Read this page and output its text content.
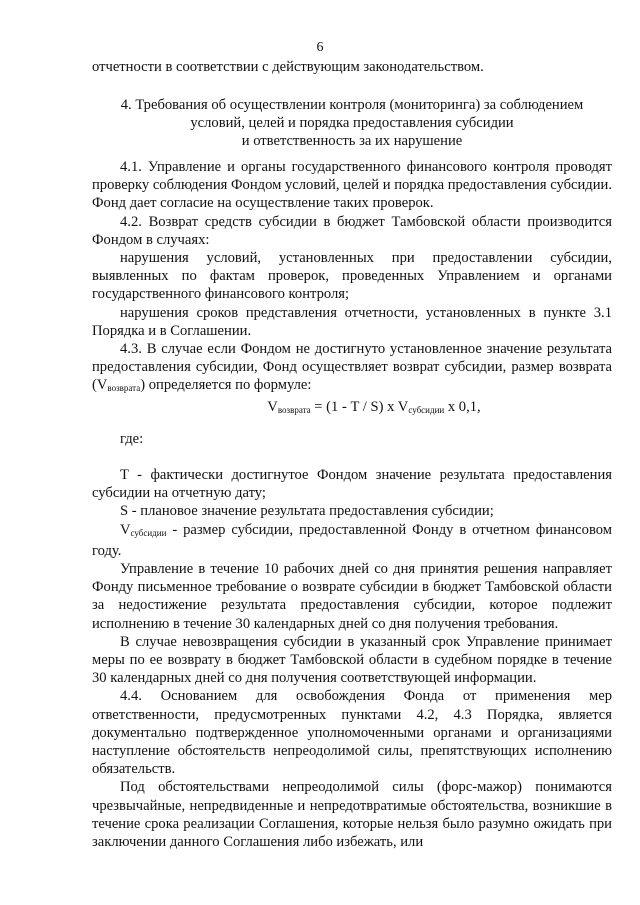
6

отчетности в соответствии с действующим законодательством.

4. Требования об осуществлении контроля (мониторинга) за соблюдением
условий, целей и порядка предоставления субсидии
и ответственность за их нарушение

4.1. Управление и органы государственного финансового контроля проводят проверку соблюдения Фондом условий, целей и порядка предоставления субсидии. Фонд дает согласие на осуществление таких проверок.

4.2. Возврат средств субсидии в бюджет Тамбовской области производится Фондом в случаях:

нарушения условий, установленных при предоставлении субсидии, выявленных по фактам проверок, проведенных Управлением и органами государственного финансового контроля;

нарушения сроков представления отчетности, установленных в пункте 3.1 Порядка и в Соглашении.

4.3. В случае если Фондом не достигнуто установленное значение результата предоставления субсидии, Фонд осуществляет возврат субсидии, размер возврата $(V_{возврата})$ определяется по формуле:

$V_{возврата} = (1 - T / S)$ x $V_{субсидии}$ x 0,1,

где:

T - фактически достигнутое Фондом значение результата предоставления субсидии на отчетную дату;

S - плановое значение результата предоставления субсидии;

$V_{субсидии}$ - размер субсидии, предоставленной Фонду в отчетном финансовом году.

Управление в течение 10 рабочих дней со дня принятия решения направляет Фонду письменное требование о возврате субсидии в бюджет Тамбовской области за недостижение результата предоставления субсидии, которое подлежит исполнению в течение 30 календарных дней со дня получения требования.

В случае невозвращения субсидии в указанный срок Управление принимает меры по ее возврату в бюджет Тамбовской области в судебном порядке в течение 30 календарных дней со дня получения соответствующей информации.

4.4. Основанием для освобождения Фонда от применения мер ответственности, предусмотренных пунктами 4.2, 4.3 Порядка, является документально подтвержденное уполномоченными органами и организациями наступление обстоятельств непреодолимой силы, препятствующих исполнению обязательств.

Под обстоятельствами непреодолимой силы (форс-мажор) понимаются чрезвычайные, непредвиденные и непредотвратимые обстоятельства, возникшие в течение срока реализации Соглашения, которые нельзя было разумно ожидать при заключении данного Соглашения либо избежать, или
